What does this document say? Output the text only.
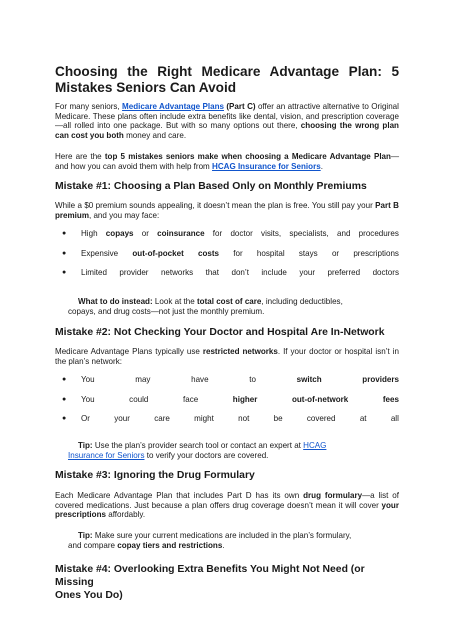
Choosing the Right Medicare Advantage Plan: 5
Mistakes Seniors Can Avoid

For many seniors, Medicare Advantage Plans (Part C) offer an attractive alternative to Original Medicare. These plans often include extra benefits like dental, vision, and prescription coverage—all rolled into one package. But with so many options out there, choosing the wrong plan can cost you both money and care.

Here are the top 5 mistakes seniors make when choosing a Medicare Advantage Plan—and how you can avoid them with help from HCAG Insurance for Seniors.

Mistake #1: Choosing a Plan Based Only on Monthly Premiums

While a $0 premium sounds appealing, it doesn’t mean the plan is free. You still pay your Part B premium, and you may face:

●	High copays or coinsurance for doctor visits, specialists, and procedures
●	Expensive out-of-pocket costs for hospital stays or prescriptions
●	Limited provider networks that don’t include your preferred doctors
What to do instead: Look at the total cost of care, including deductibles,
copays, and drug costs—not just the monthly premium.
Mistake #2: Not Checking Your Doctor and Hospital Are In-Network

Medicare Advantage Plans typically use restricted networks. If your doctor or hospital isn’t in the plan’s network:

●	You	may	have	to	switch	providers
●	You	could	face	higher	out-of-network	fees
●	Or	your	care	might	not	be	covered	at	all
Tip: Use the plan’s provider search tool or contact an expert at HCAG
Insurance for Seniors to verify your doctors are covered.
Mistake #3: Ignoring the Drug Formulary

Each Medicare Advantage Plan that includes Part D has its own drug formulary—a list of covered medications. Just because a plan offers drug coverage doesn’t mean it will cover your prescriptions affordably.

Tip: Make sure your current medications are included in the plan’s formulary,
and compare copay tiers and restrictions.
Mistake #4: Overlooking Extra Benefits You Might Not Need (or Missing
Ones You Do)
